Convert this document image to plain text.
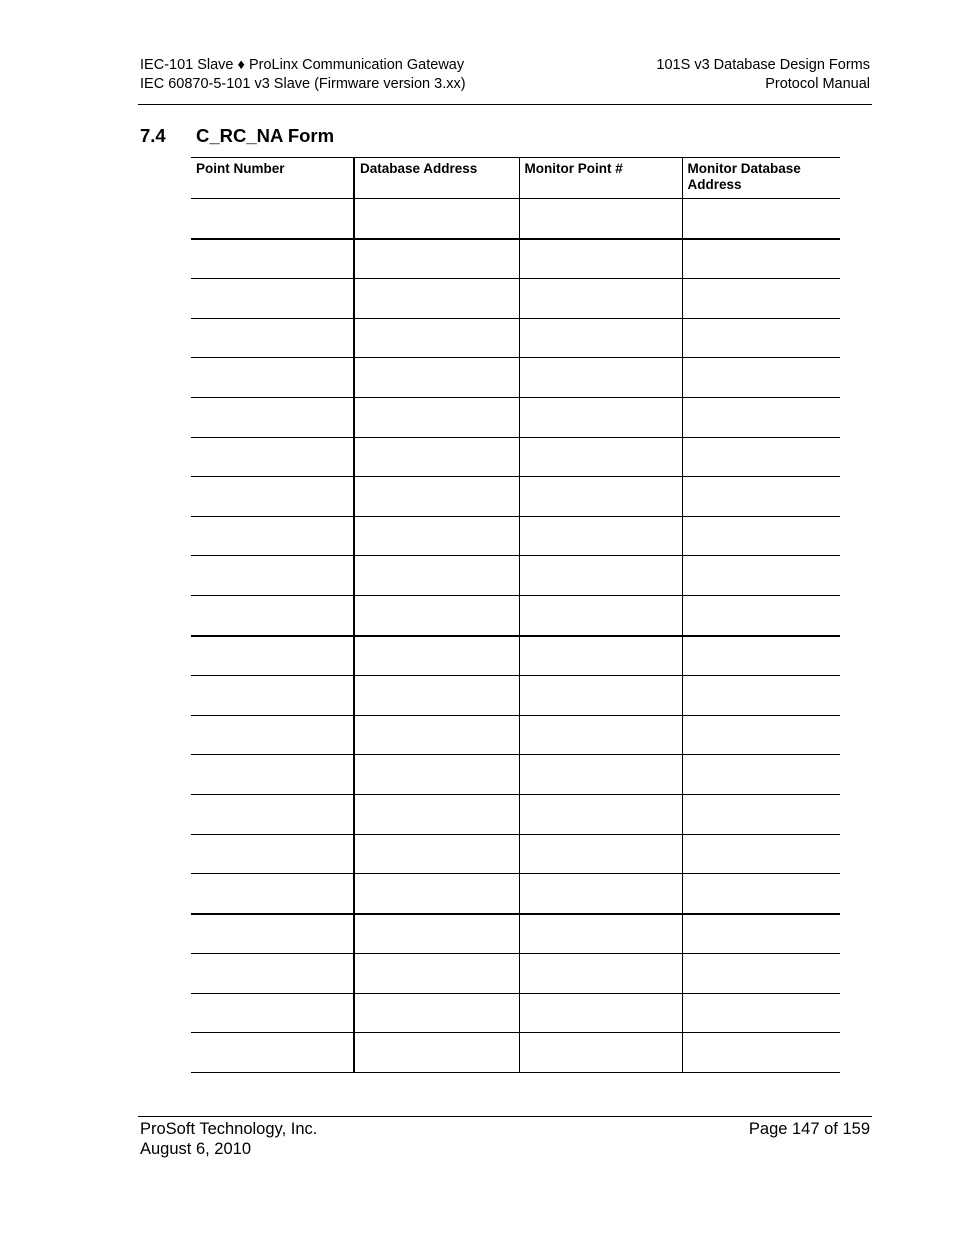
IEC-101 Slave ♦ ProLinx Communication Gateway
IEC 60870-5-101 v3 Slave (Firmware version 3.xx)
101S v3 Database Design Forms
Protocol Manual
7.4 C_RC_NA Form
Point Number	Database Address	Monitor Point #	Monitor Database Address

ProSoft Technology, Inc.
August 6, 2010
Page 147 of 159
